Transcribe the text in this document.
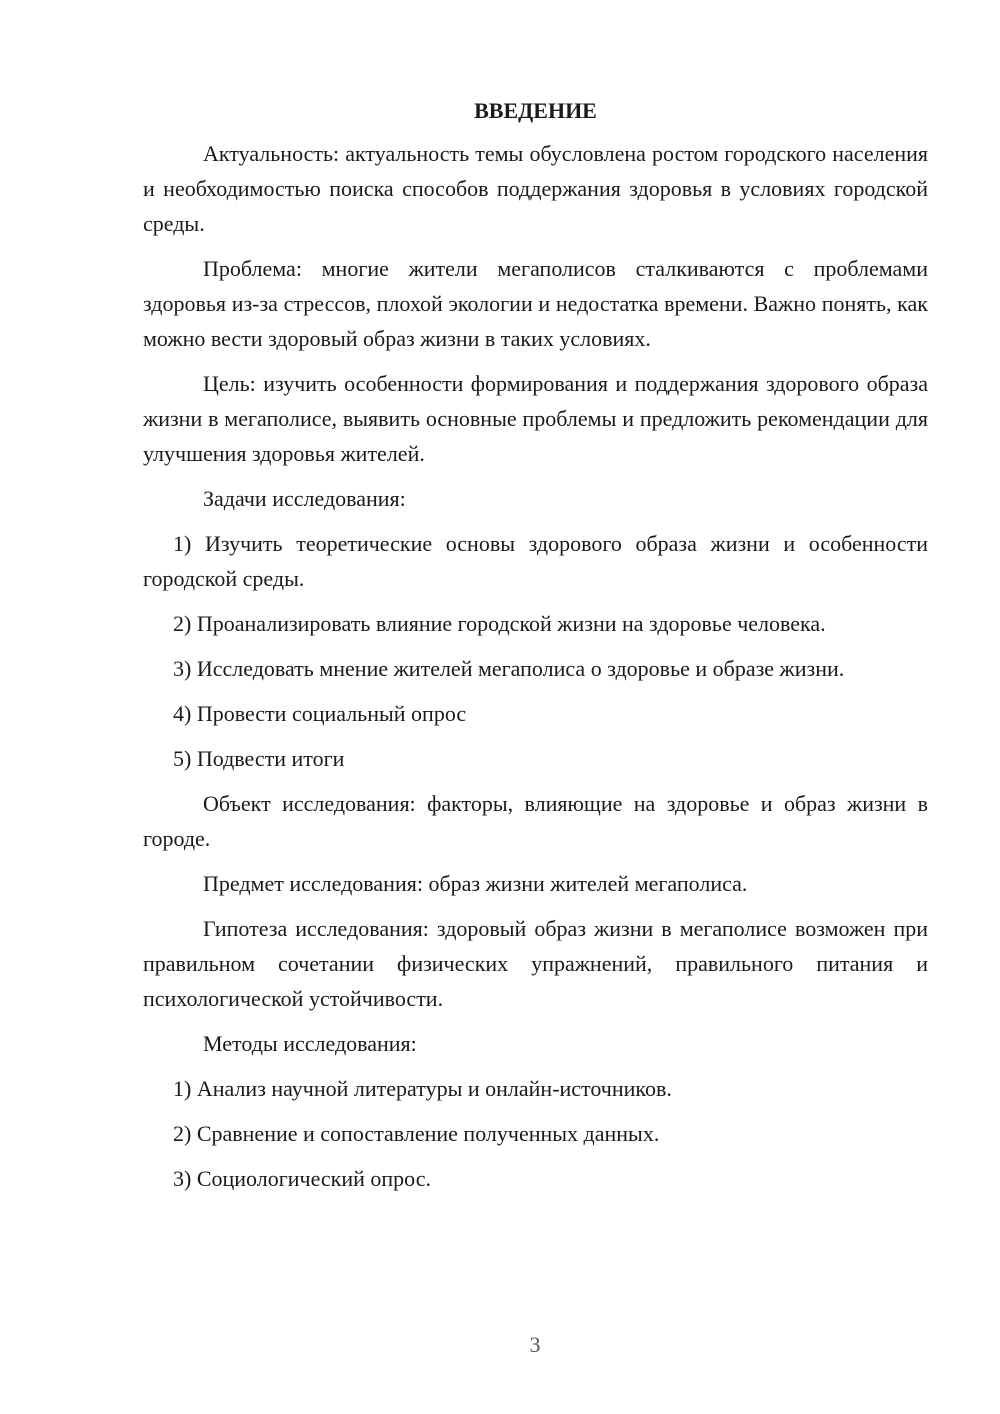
ВВЕДЕНИЕ

Актуальность: актуальность темы обусловлена ростом городского населения и необходимостью поиска способов поддержания здоровья в условиях городской среды.

Проблема: многие жители мегаполисов сталкиваются с проблемами здоровья из-за стрессов, плохой экологии и недостатка времени. Важно понять, как можно вести здоровый образ жизни в таких условиях.

Цель: изучить особенности формирования и поддержания здорового образа жизни в мегаполисе, выявить основные проблемы и предложить рекомендации для улучшения здоровья жителей.

Задачи исследования:

1) Изучить теоретические основы здорового образа жизни и особенности городской среды.

2) Проанализировать влияние городской жизни на здоровье человека.

3) Исследовать мнение жителей мегаполиса о здоровье и образе жизни.

4) Провести социальный опрос

5) Подвести итоги

Объект исследования: факторы, влияющие на здоровье и образ жизни в городе.

Предмет исследования: образ жизни жителей мегаполиса.

Гипотеза исследования: здоровый образ жизни в мегаполисе возможен при правильном сочетании физических упражнений, правильного питания и психологической устойчивости.

Методы исследования:

1) Анализ научной литературы и онлайн-источников.

2) Сравнение и сопоставление полученных данных.

3) Социологический опрос.

3
